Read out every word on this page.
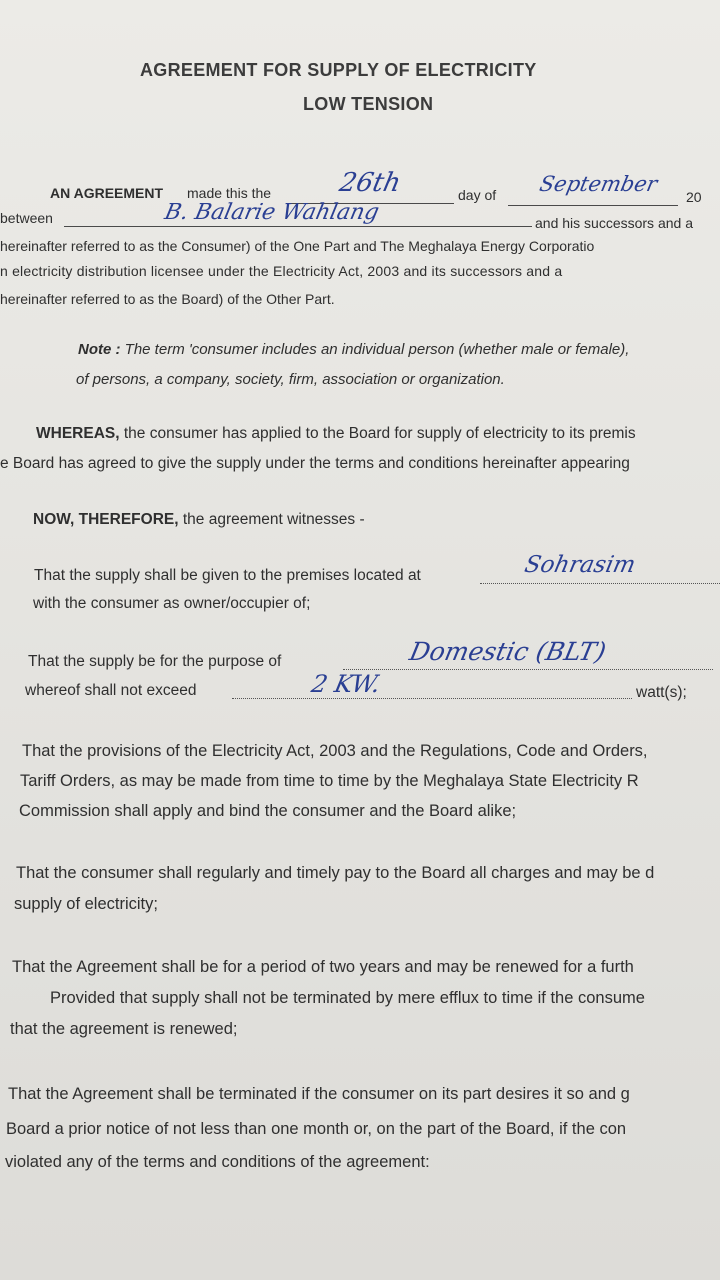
AGREEMENT FOR SUPPLY OF ELECTRICITY
LOW TENSION
AN AGREEMENT made this the	26th	day of September
20
between	B. Balarie Wahlang	and his successors and a
hereinafter referred to as the Consumer) of the One Part and The Meghalaya Energy Corporatio
n electricity distribution licensee under the Electricity Act, 2003 and its successors and a
hereinafter referred to as the Board) of the Other Part.
Note : The term 'consumer includes an individual person (whether male or female),
of persons, a company, society, firm, association or organization.
WHEREAS, the consumer has applied to the Board for supply of electricity to its premis
e Board has agreed to give the supply under the terms and conditions hereinafter appearing
NOW, THEREFORE, the agreement witnesses -
That the supply shall be given to the premises located at	Sohrasim
with the consumer as owner/occupier of;
That the supply be for the purpose of	Domestic (BLT)
whereof shall not exceed	2 KW.	watt(s);
That the provisions of the Electricity Act, 2003 and the Regulations, Code and Orders,
Tariff Orders, as may be made from time to time by the Meghalaya State Electricity R
Commission shall apply and bind the consumer and the Board alike;
That the consumer shall regularly and timely pay to the Board all charges and may be d
supply of electricity;
That the Agreement shall be for a period of two years and may be renewed for a furth
Provided that supply shall not be terminated by mere efflux to time if the consume
that the agreement is renewed;
That the Agreement shall be terminated if the consumer on its part desires it so and g
Board a prior notice of not less than one month or, on the part of the Board, if the con
violated any of the terms and conditions of the agreement:
